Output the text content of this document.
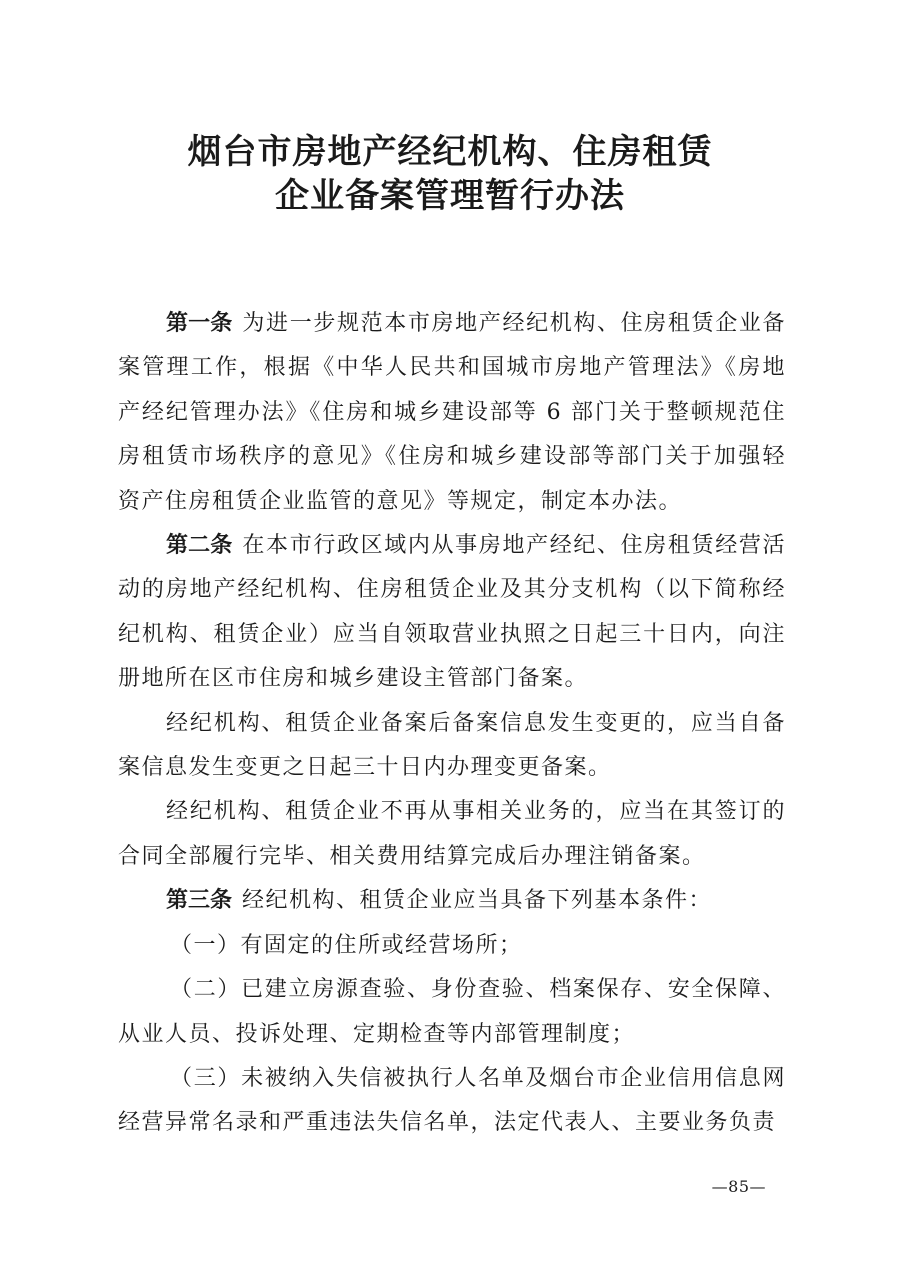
烟台市房地产经纪机构、住房租赁
企业备案管理暂行办法

第一条 为进一步规范本市房地产经纪机构、住房租赁企业备案管理工作，根据《中华人民共和国城市房地产管理法》《房地产经纪管理办法》《住房和城乡建设部等 6 部门关于整顿规范住房租赁市场秩序的意见》《住房和城乡建设部等部门关于加强轻资产住房租赁企业监管的意见》等规定，制定本办法。

第二条 在本市行政区域内从事房地产经纪、住房租赁经营活动的房地产经纪机构、住房租赁企业及其分支机构（以下简称经纪机构、租赁企业）应当自领取营业执照之日起三十日内，向注册地所在区市住房和城乡建设主管部门备案。

经纪机构、租赁企业备案后备案信息发生变更的，应当自备案信息发生变更之日起三十日内办理变更备案。

经纪机构、租赁企业不再从事相关业务的，应当在其签订的合同全部履行完毕、相关费用结算完成后办理注销备案。

第三条 经纪机构、租赁企业应当具备下列基本条件：

（一）有固定的住所或经营场所；

（二）已建立房源查验、身份查验、档案保存、安全保障、从业人员、投诉处理、定期检查等内部管理制度；

（三）未被纳入失信被执行人名单及烟台市企业信用信息网经营异常名录和严重违法失信名单，法定代表人、主要业务负责

—85—
